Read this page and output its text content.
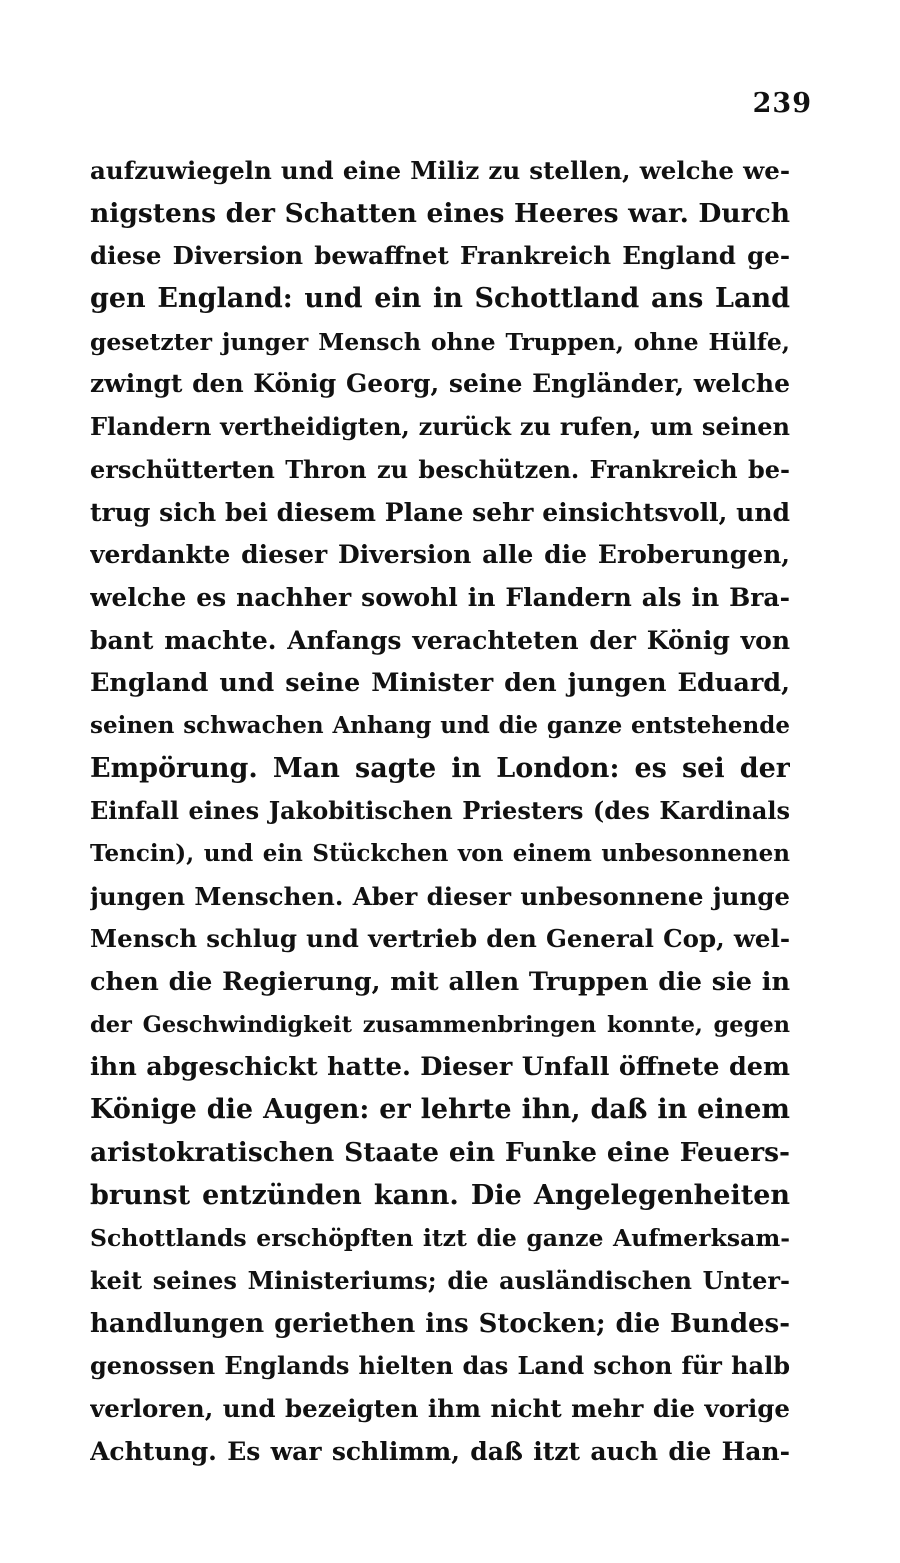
239
aufzuwiegeln und eine Miliz zu stellen, welche we-
nigstens der Schatten eines Heeres war. Durch
diese Diversion bewaffnet Frankreich England ge-
gen England: und ein in Schottland ans Land
gesetzter junger Mensch ohne Truppen, ohne Hülfe,
zwingt den König Georg, seine Engländer, welche
Flandern vertheidigten, zurück zu rufen, um seinen
erschütterten Thron zu beschützen. Frankreich be-
trug sich bei diesem Plane sehr einsichtsvoll, und
verdankte dieser Diversion alle die Eroberungen,
welche es nachher sowohl in Flandern als in Bra-
bant machte. Anfangs verachteten der König von
England und seine Minister den jungen Eduard,
seinen schwachen Anhang und die ganze entstehende
Empörung. Man sagte in London: es sei der
Einfall eines Jakobitischen Priesters (des Kardinals
Tencin), und ein Stückchen von einem unbesonnenen
jungen Menschen. Aber dieser unbesonnene junge
Mensch schlug und vertrieb den General Cop, wel-
chen die Regierung, mit allen Truppen die sie in
der Geschwindigkeit zusammenbringen konnte, gegen
ihn abgeschickt hatte. Dieser Unfall öffnete dem
Könige die Augen: er lehrte ihn, daß in einem
aristokratischen Staate ein Funke eine Feuers-
brunst entzünden kann. Die Angelegenheiten
Schottlands erschöpften itzt die ganze Aufmerksam-
keit seines Ministeriums; die ausländischen Unter-
handlungen geriethen ins Stocken; die Bundes-
genossen Englands hielten das Land schon für halb
verloren, und bezeigten ihm nicht mehr die vorige
Achtung. Es war schlimm, daß itzt auch die Han-
